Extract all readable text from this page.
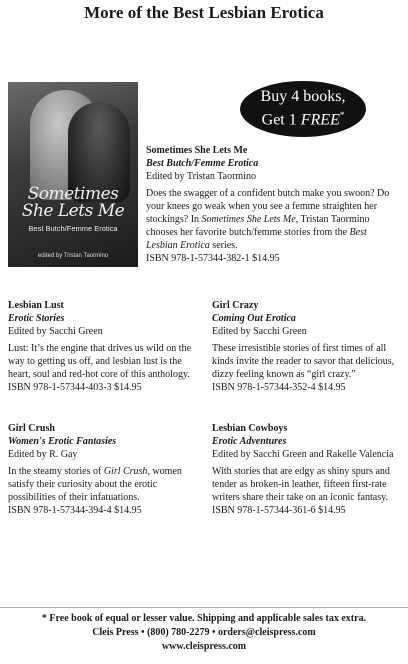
More of the Best Lesbian Erotica

Sometimes
She Lets Me

Best Butch/Femme Erotica
edited by Tristan Taormino
Buy 4 books,
Get 1 FREE*

Sometimes She Lets Me

Best Butch/Femme Erotica

Edited by Tristan Taormino

Does the swagger of a confident butch make you swoon? Do your knees go weak when you see a femme straighten her stockings? In Sometimes She Lets Me, Tristan Taormino chooses her favorite butch/femme stories from the Best Lesbian Erotica series.

ISBN 978-1-57344-382-1 $14.95

Lesbian Lust

Erotic Stories

Edited by Sacchi Green

Lust: It’s the engine that drives us wild on the way to getting us off, and lesbian lust is the heart, soul and red-hot core of this anthology.

ISBN 978-1-57344-403-3 $14.95

Girl Crazy

Coming Out Erotica

Edited by Sacchi Green

These irresistible stories of first times of all kinds invite the reader to savor that delicious, dizzy feeling known as “girl crazy.”

ISBN 978-1-57344-352-4 $14.95

Girl Crush

Women's Erotic Fantasies

Edited by R. Gay

In the steamy stories of Girl Crush, women satisfy their curiosity about the erotic possibilities of their infatuations.

ISBN 978-1-57344-394-4 $14.95

Lesbian Cowboys

Erotic Adventures

Edited by Sacchi Green and Rakelle Valencia

With stories that are edgy as shiny spurs and tender as broken-in leather, fifteen first-rate writers share their take on an iconic fantasy.

ISBN 978-1-57344-361-6 $14.95

* Free book of equal or lesser value. Shipping and applicable sales tax extra.

Cleis Press • (800) 780-2279 • orders@cleispress.com

www.cleispress.com
